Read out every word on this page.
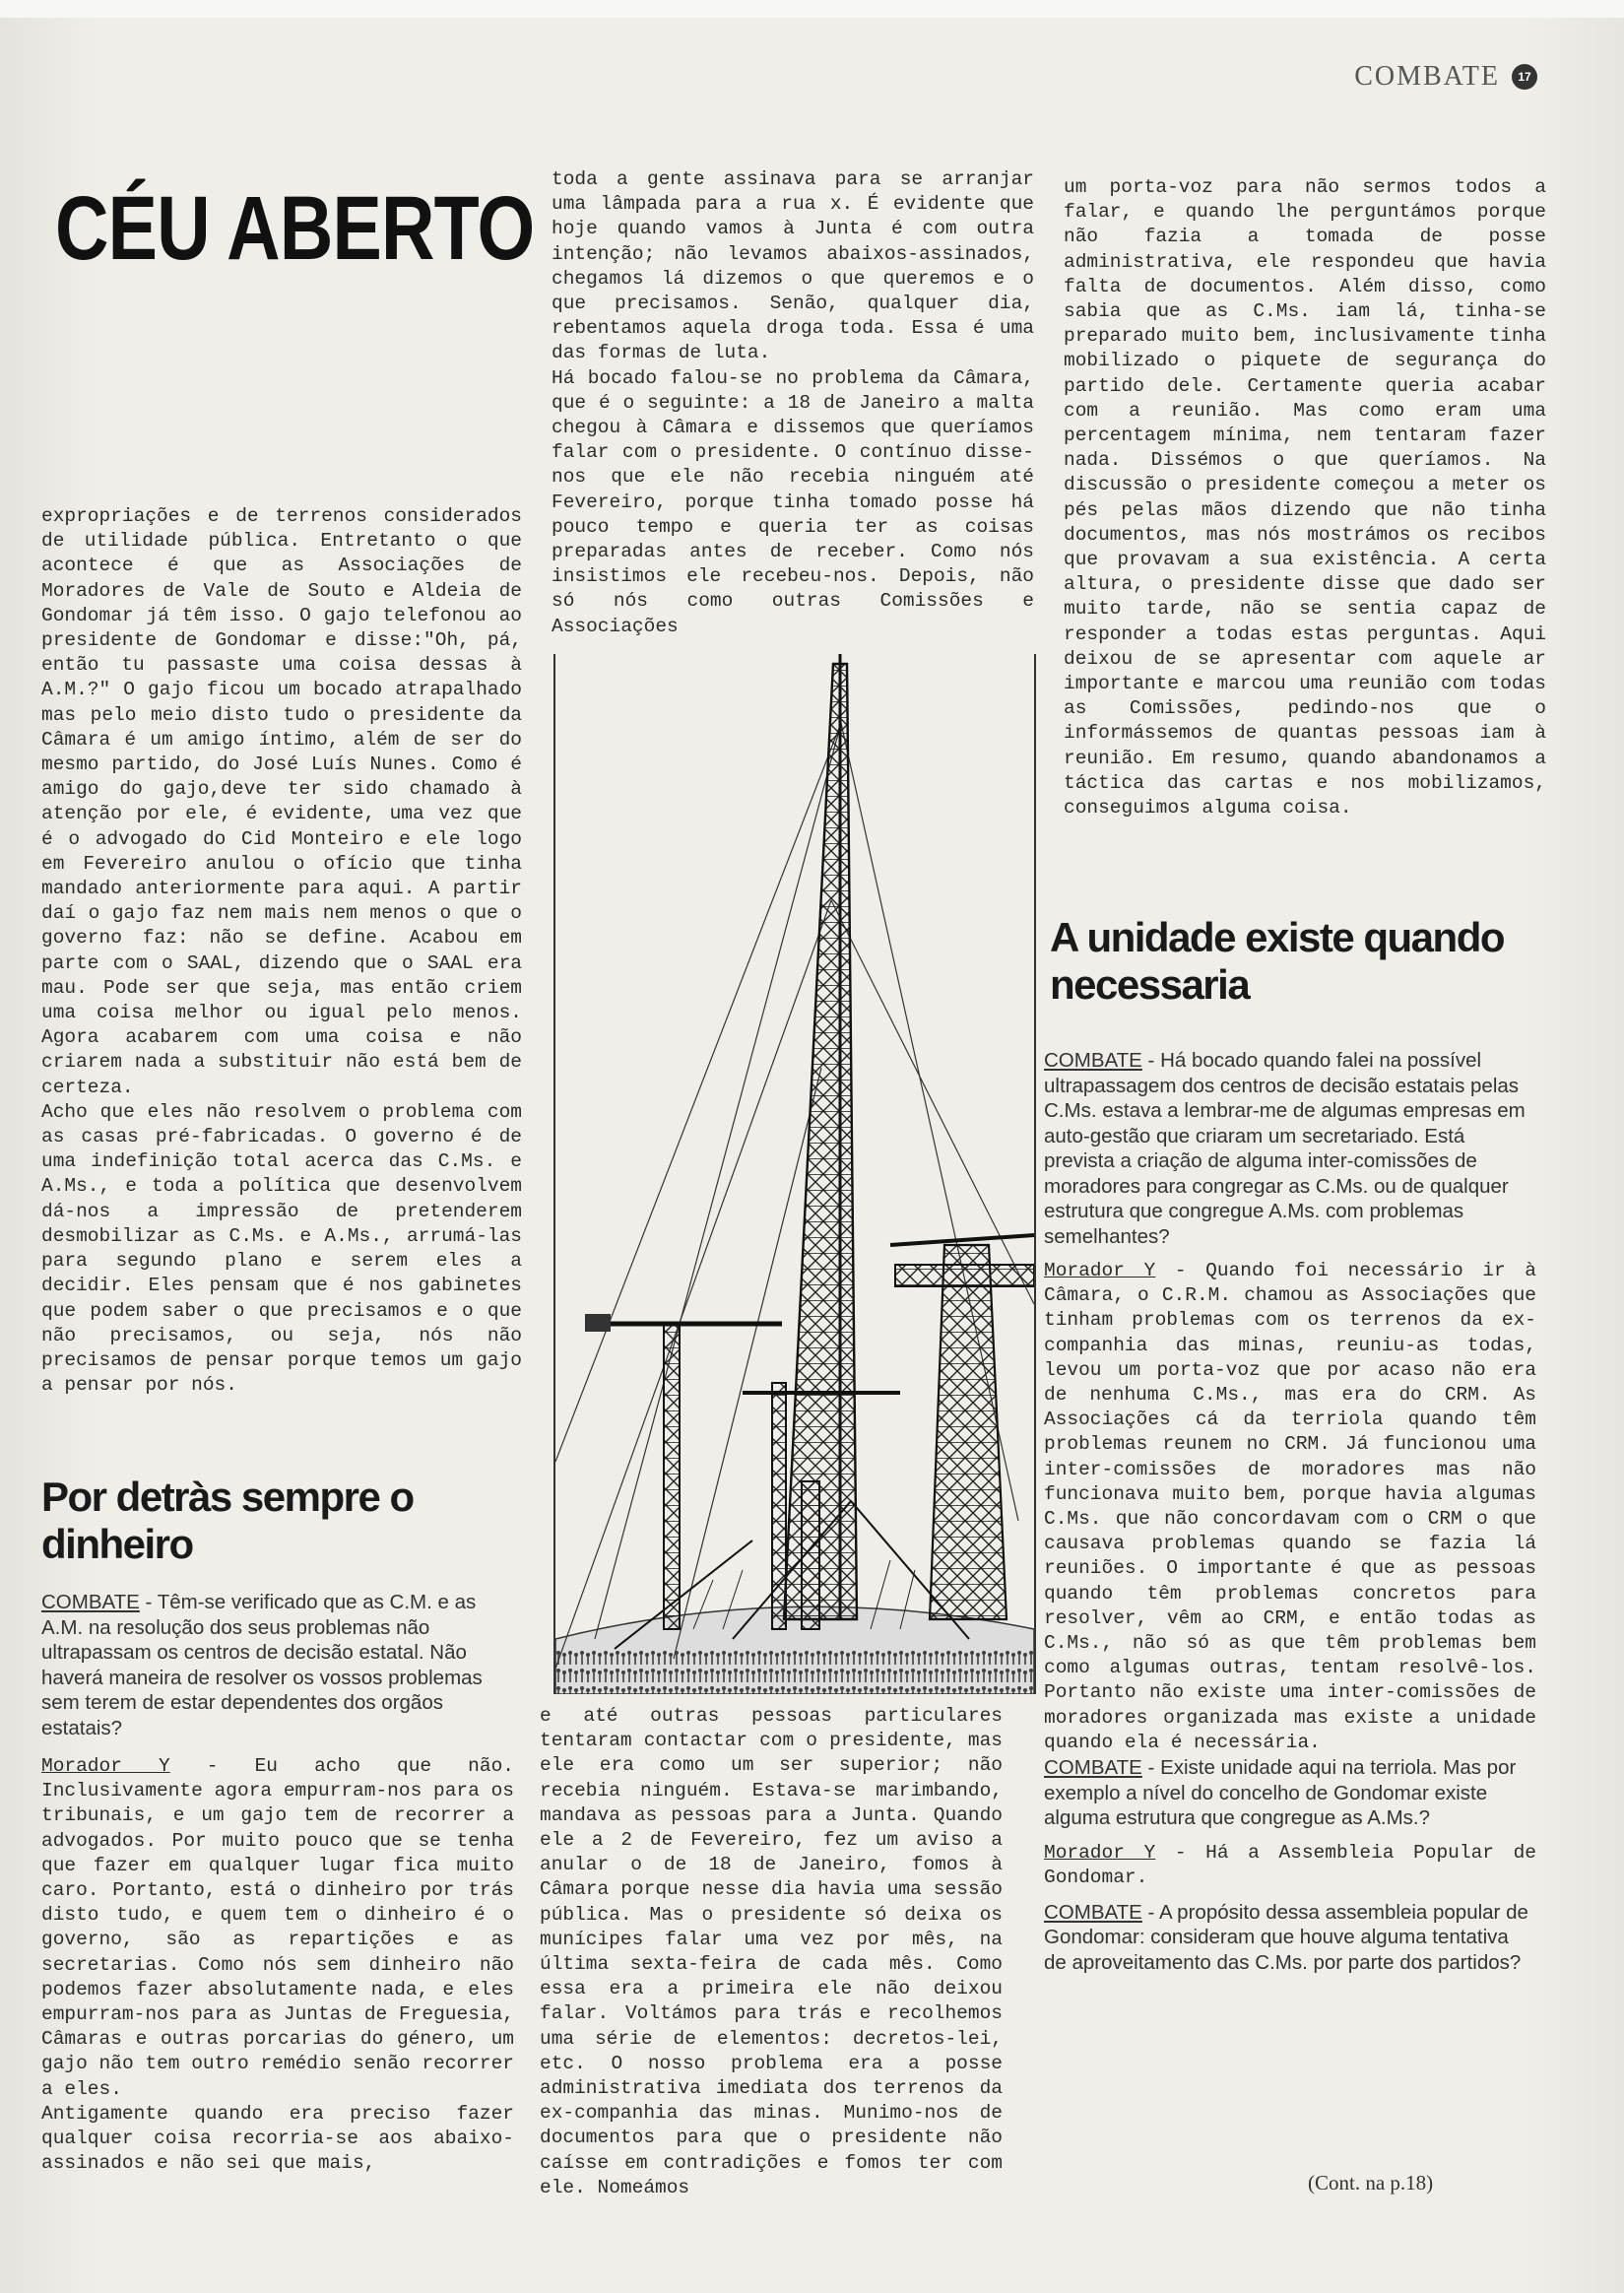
COMBATE	17
CÉU ABERTO

expropriações e de terrenos considerados de utilidade pública. Entretanto o que acontece é que as Associações de Moradores de Vale de Souto e Aldeia de Gondomar já têm isso. O gajo telefonou ao presidente de Gondomar e disse:"Oh, pá, então tu passaste uma coisa dessas à A.M.?" O gajo ficou um bocado atrapalhado mas pelo meio disto tudo o presidente da Câmara é um amigo íntimo, além de ser do mesmo partido, do José Luís Nunes. Como é amigo do gajo,deve ter sido chamado à atenção por ele, é evidente, uma vez que é o advogado do Cid Monteiro e ele logo em Fevereiro anulou o ofício que tinha mandado anteriormente para aqui. A partir daí o gajo faz nem mais nem menos o que o governo faz: não se define. Acabou em parte com o SAAL, dizendo que o SAAL era mau. Pode ser que seja, mas então criem uma coisa melhor ou igual pelo menos. Agora acabarem com uma coisa e não criarem nada a substituir não está bem de certeza.
Acho que eles não resolvem o problema com as casas pré-fabricadas. O governo é de uma indefinição total acerca das C.Ms. e A.Ms., e toda a política que desenvolvem dá-nos a impressão de pretenderem desmobilizar as C.Ms. e A.Ms., arrumá-las para segundo plano e serem eles a decidir. Eles pensam que é nos gabinetes que podem saber o que precisamos e o que não precisamos, ou seja, nós não precisamos de pensar porque temos um gajo a pensar por nós.

Por detràs sempre o dinheiro

COMBATE - Têm-se verificado que as C.M. e as A.M. na resolução dos seus problemas não ultrapassam os centros de decisão estatal. Não haverá maneira de resolver os vossos problemas sem terem de estar dependentes dos orgãos estatais?

Morador Y - Eu acho que não. Inclusivamente agora empurram-nos para os tribunais, e um gajo tem de recorrer a advogados. Por muito pouco que se tenha que fazer em qualquer lugar fica muito caro. Portanto, está o dinheiro por trás disto tudo, e quem tem o dinheiro é o governo, são as repartições e as secretarias. Como nós sem dinheiro não podemos fazer absolutamente nada, e eles empurram-nos para as Juntas de Freguesia, Câmaras e outras porcarias do género, um gajo não tem outro remédio senão recorrer a eles.
Antigamente quando era preciso fazer qualquer coisa recorria-se aos abaixo-assinados e não sei que mais,

toda a gente assinava para se arranjar uma lâmpada para a rua x. É evidente que hoje quando vamos à Junta é com outra intenção; não levamos abaixos-assinados, chegamos lá dizemos o que queremos e o que precisamos. Senão, qualquer dia, rebentamos aquela droga toda. Essa é uma das formas de luta.
Há bocado falou-se no problema da Câmara, que é o seguinte: a 18 de Janeiro a malta chegou à Câmara e dissemos que queríamos falar com o presidente. O contínuo disse-nos que ele não recebia ninguém até Fevereiro, porque tinha tomado posse há pouco tempo e queria ter as coisas preparadas antes de receber. Como nós insistimos ele recebeu-nos. Depois, não só nós como outras Comissões e Associações

e até outras pessoas particulares tentaram contactar com o presidente, mas ele era como um ser superior; não recebia ninguém. Estava-se marimbando, mandava as pessoas para a Junta. Quando ele a 2 de Fevereiro, fez um aviso a anular o de 18 de Janeiro, fomos à Câmara porque nesse dia havia uma sessão pública. Mas o presidente só deixa os munícipes falar uma vez por mês, na última sexta-feira de cada mês. Como essa era a primeira ele não deixou falar. Voltámos para trás e recolhemos uma série de elementos: decretos-lei, etc. O nosso problema era a posse administrativa imediata dos terrenos da ex-companhia das minas. Munimo-nos de documentos para que o presidente não caísse em contradições e fomos ter com ele. Nomeámos

um porta-voz para não sermos todos a falar, e quando lhe perguntámos porque não fazia a tomada de posse administrativa, ele respondeu que havia falta de documentos. Além disso, como sabia que as C.Ms. iam lá, tinha-se preparado muito bem, inclusivamente tinha mobilizado o piquete de segurança do partido dele. Certamente queria acabar com a reunião. Mas como eram uma percentagem mínima, nem tentaram fazer nada. Dissémos o que queríamos. Na discussão o presidente começou a meter os pés pelas mãos dizendo que não tinha documentos, mas nós mostrámos os recibos que provavam a sua existência. A certa altura, o presidente disse que dado ser muito tarde, não se sentia capaz de responder a todas estas perguntas. Aqui deixou de se apresentar com aquele ar importante e marcou uma reunião com todas as Comissões, pedindo-nos que o informássemos de quantas pessoas iam à reunião. Em resumo, quando abandonamos a táctica das cartas e nos mobilizamos, conseguimos alguma coisa.

A unidade existe quando necessaria

COMBATE - Há bocado quando falei na possível ultrapassagem dos centros de decisão estatais pelas C.Ms. estava a lembrar-me de algumas empresas em auto-gestão que criaram um secretariado. Está prevista a criação de alguma inter-comissões de moradores para congregar as C.Ms. ou de qualquer estrutura que congregue A.Ms. com problemas semelhantes?

Morador Y - Quando foi necessário ir à Câmara, o C.R.M. chamou as Associações que tinham problemas com os terrenos da ex-companhia das minas, reuniu-as todas, levou um porta-voz que por acaso não era de nenhuma C.Ms., mas era do CRM. As Associações cá da terriola quando têm problemas reunem no CRM. Já funcionou uma inter-comissões de moradores mas não funcionava muito bem, porque havia algumas C.Ms. que não concordavam com o CRM o que causava problemas quando se fazia lá reuniões. O importante é que as pessoas quando têm problemas concretos para resolver, vêm ao CRM, e então todas as C.Ms., não só as que têm problemas bem como algumas outras, tentam resolvê-los. Portanto não existe uma inter-comissões de moradores organizada mas existe a unidade quando ela é necessária.

COMBATE - Existe unidade aqui na terriola. Mas por exemplo a nível do concelho de Gondomar existe alguma estrutura que congregue as A.Ms.?

Morador Y - Há a Assembleia Popular de Gondomar.

COMBATE - A propósito dessa assembleia popular de Gondomar: consideram que houve alguma tentativa de aproveitamento das C.Ms. por parte dos partidos?

(Cont. na p.18)
